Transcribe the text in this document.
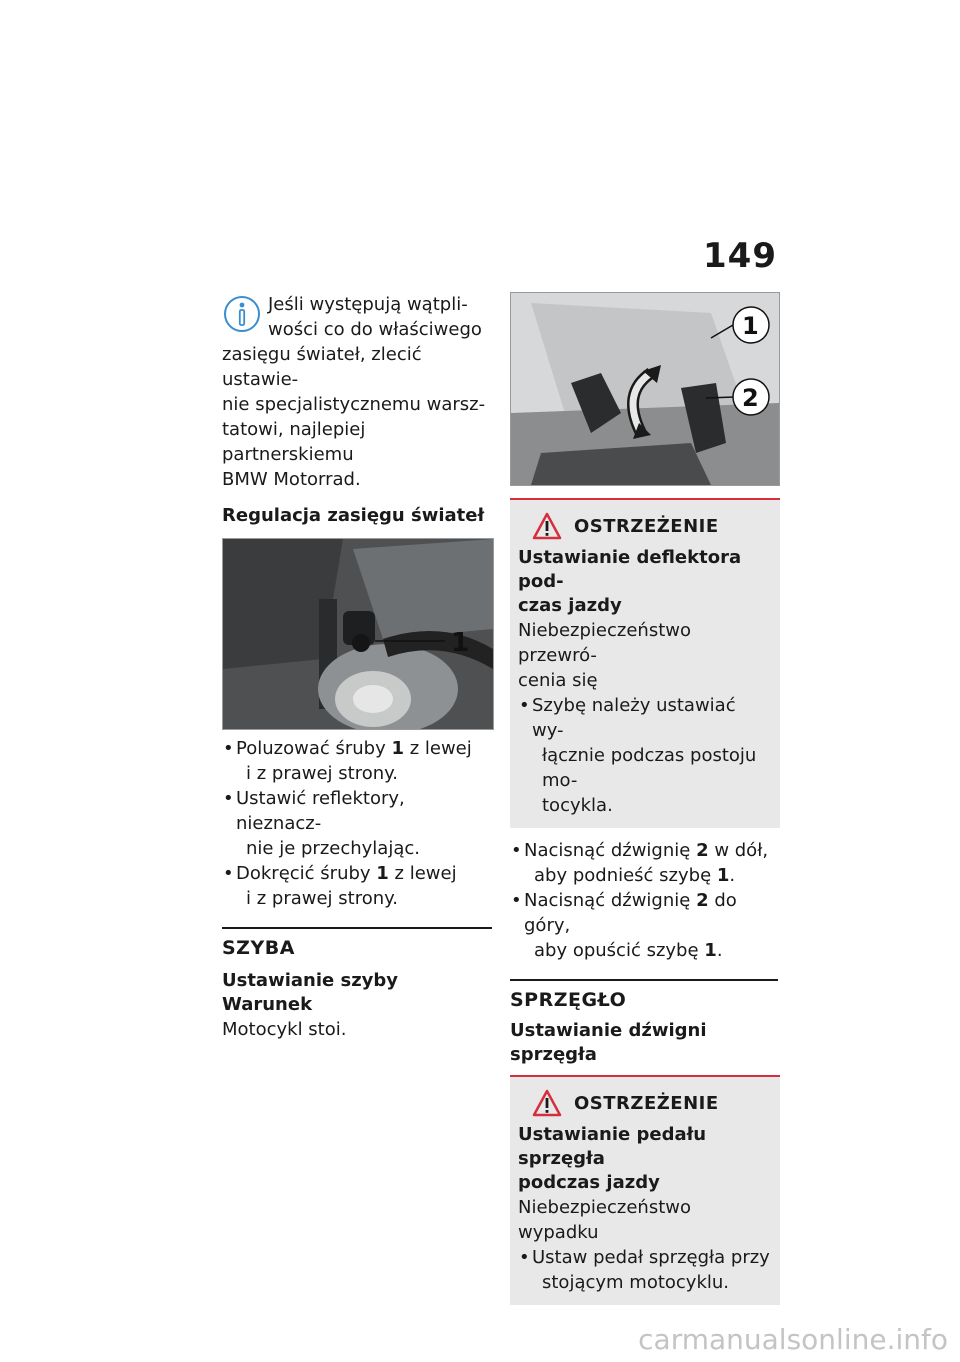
149

Jeśli występują wątpli-
wości co do właściwego
zasięgu świateł, zlecić ustawie-
nie specjalistycznemu warsz-
tatowi, najlepiej partnerskiemu
BMW Motorrad.

Regulacja zasięgu świateł

1
• Poluzować śruby 1 z lewej
i z prawej strony.
• Ustawić reflektory, nieznacz-
nie je przechylając.
• Dokręcić śruby 1 z lewej
i z prawej strony.

SZYBA

Ustawianie szyby

Warunek

Motocykl stoi.

1
2
OSTRZEŻENIE

Ustawianie deflektora pod-
czas jazdy

Niebezpieczeństwo przewró-
cenia się

• Szybę należy ustawiać wy-
łącznie podczas postoju mo-
tocykla.
• Nacisnąć dźwignię 2 w dół,
aby podnieść szybę 1.
• Nacisnąć dźwignię 2 do góry,
aby opuścić szybę 1.

SPRZĘGŁO

Ustawianie dźwigni sprzęgła

OSTRZEŻENIE

Ustawianie pedału sprzęgła
podczas jazdy

Niebezpieczeństwo wypadku

• Ustaw pedał sprzęgła przy
stojącym motocyklu.
carmanualsonline.info
